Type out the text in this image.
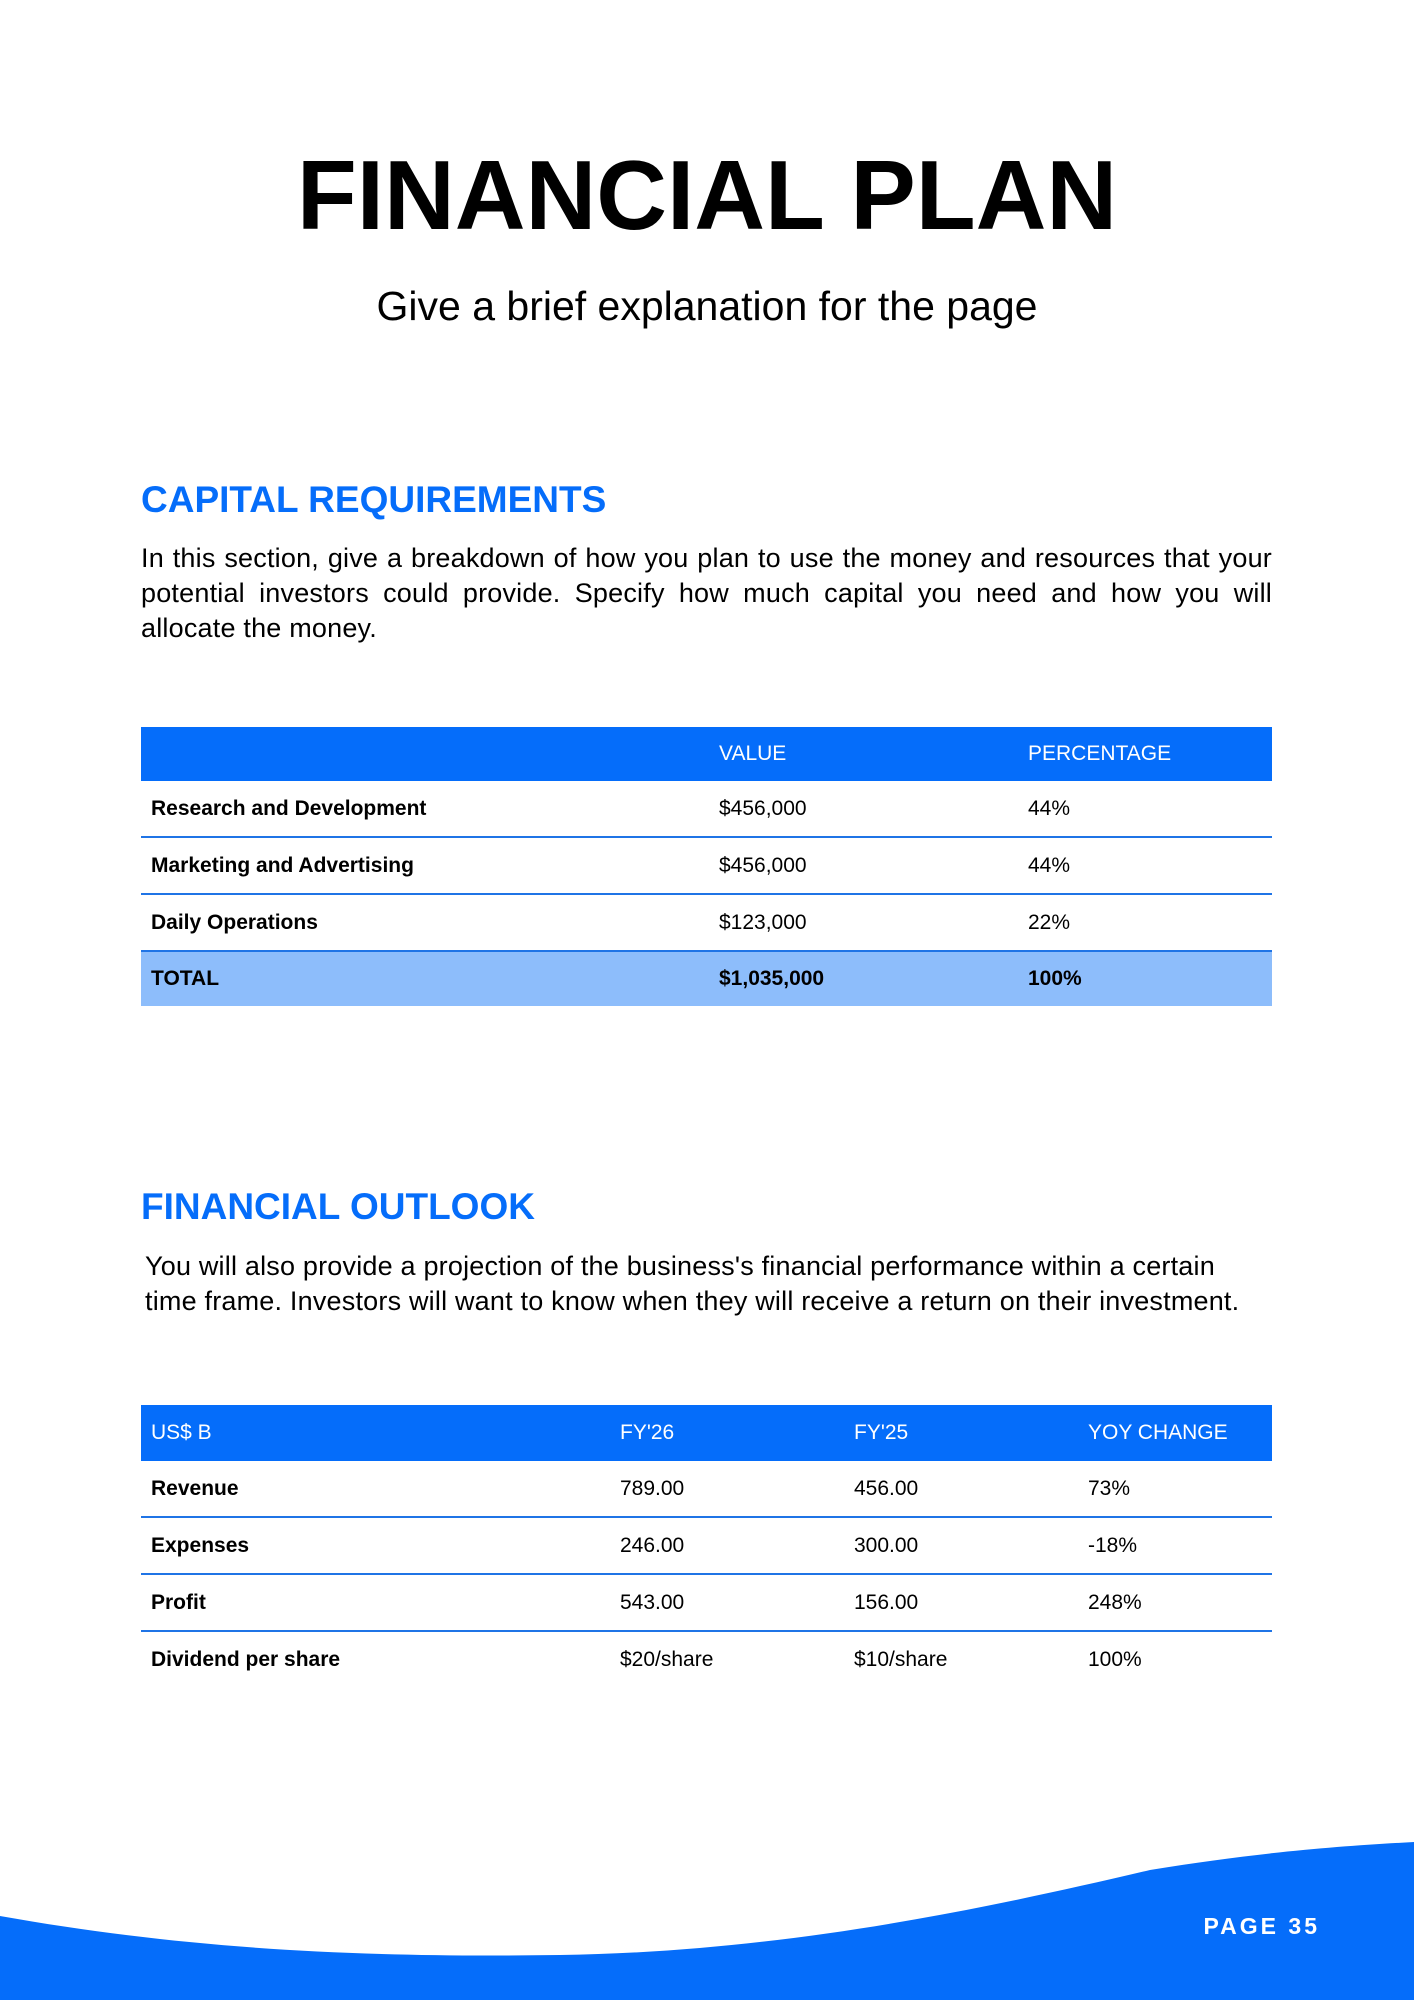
FINANCIAL PLAN

Give a brief explanation for the page

CAPITAL REQUIREMENTS

In this section, give a breakdown of how you plan to use the money and resources that your potential investors could provide. Specify how much capital you need and how you will allocate the money.

	VALUE	PERCENTAGE
Research and Development	$456,000	44%
Marketing and Advertising	$456,000	44%
Daily Operations	$123,000	22%
TOTAL	$1,035,000	100%
FINANCIAL OUTLOOK

You will also provide a projection of the business's financial performance within a certain time frame. Investors will want to know when they will receive a return on their investment.

US$ B	FY'26	FY'25	YOY CHANGE
Revenue	789.00	456.00	73%
Expenses	246.00	300.00	-18%
Profit	543.00	156.00	248%
Dividend per share	$20/share	$10/share	100%
PAGE 35
